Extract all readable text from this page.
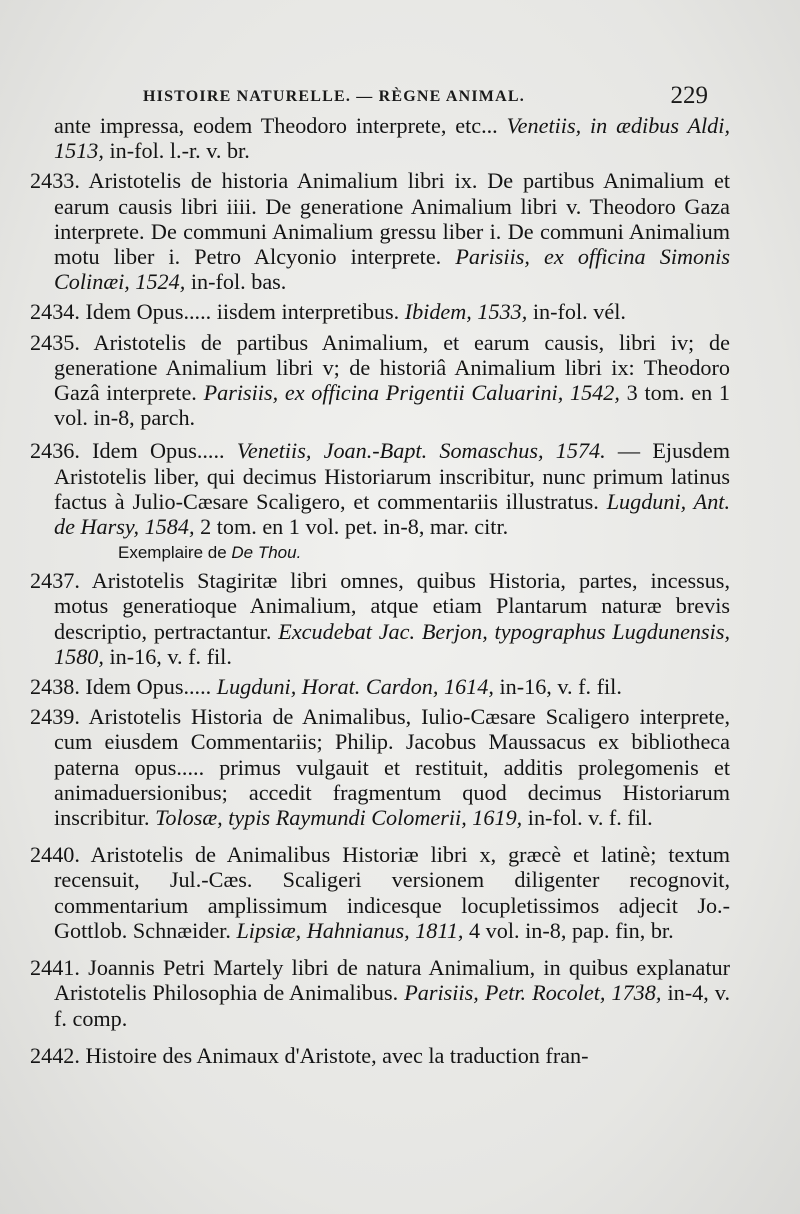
HISTOIRE NATURELLE. — RÈGNE ANIMAL.	229
ante impressa, eodem Theodoro interprete, etc... Venetiis, in ædibus Aldi, 1513, in-fol. l.-r. v. br.
2433. Aristotelis de historia Animalium libri ix. De partibus Animalium et earum causis libri iiii. De generatione Animalium libri v. Theodoro Gaza interprete. De communi Animalium gressu liber i. De communi Animalium motu liber i. Petro Alcyonio interprete. Parisiis, ex officina Simonis Colinæi, 1524, in-fol. bas.
2434. Idem Opus..... iisdem interpretibus. Ibidem, 1533, in-fol. vél.
2435. Aristotelis de partibus Animalium, et earum causis, libri iv; de generatione Animalium libri v; de historiâ Animalium libri ix: Theodoro Gazâ interprete. Parisiis, ex officina Prigentii Caluarini, 1542, 3 tom. en 1 vol. in-8, parch.
2436. Idem Opus..... Venetiis, Joan.-Bapt. Somaschus, 1574. — Ejusdem Aristotelis liber, qui decimus Historiarum inscribitur, nunc primum latinus factus à Julio-Cæsare Scaligero, et commentariis illustratus. Lugduni, Ant. de Harsy, 1584, 2 tom. en 1 vol. pet. in-8, mar. citr.
Exemplaire de De Thou.
2437. Aristotelis Stagiritæ libri omnes, quibus Historia, partes, incessus, motus generatioque Animalium, atque etiam Plantarum naturæ brevis descriptio, pertractantur. Excudebat Jac. Berjon, typographus Lugdunensis, 1580, in-16, v. f. fil.
2438. Idem Opus..... Lugduni, Horat. Cardon, 1614, in-16, v. f. fil.
2439. Aristotelis Historia de Animalibus, Iulio-Cæsare Scaligero interprete, cum eiusdem Commentariis; Philip. Jacobus Maussacus ex bibliotheca paterna opus..... primus vulgauit et restituit, additis prolegomenis et animaduersionibus; accedit fragmentum quod decimus Historiarum inscribitur. Tolosæ, typis Raymundi Colomerii, 1619, in-fol. v. f. fil.
2440. Aristotelis de Animalibus Historiæ libri x, græcè et latinè; textum recensuit, Jul.-Cæs. Scaligeri versionem diligenter recognovit, commentarium amplissimum indicesque locupletissimos adjecit Jo.-Gottlob. Schnæider. Lipsiæ, Hahnianus, 1811, 4 vol. in-8, pap. fin, br.
2441. Joannis Petri Martely libri de natura Animalium, in quibus explanatur Aristotelis Philosophia de Animalibus. Parisiis, Petr. Rocolet, 1738, in-4, v. f. comp.
2442. Histoire des Animaux d'Aristote, avec la traduction fran-
